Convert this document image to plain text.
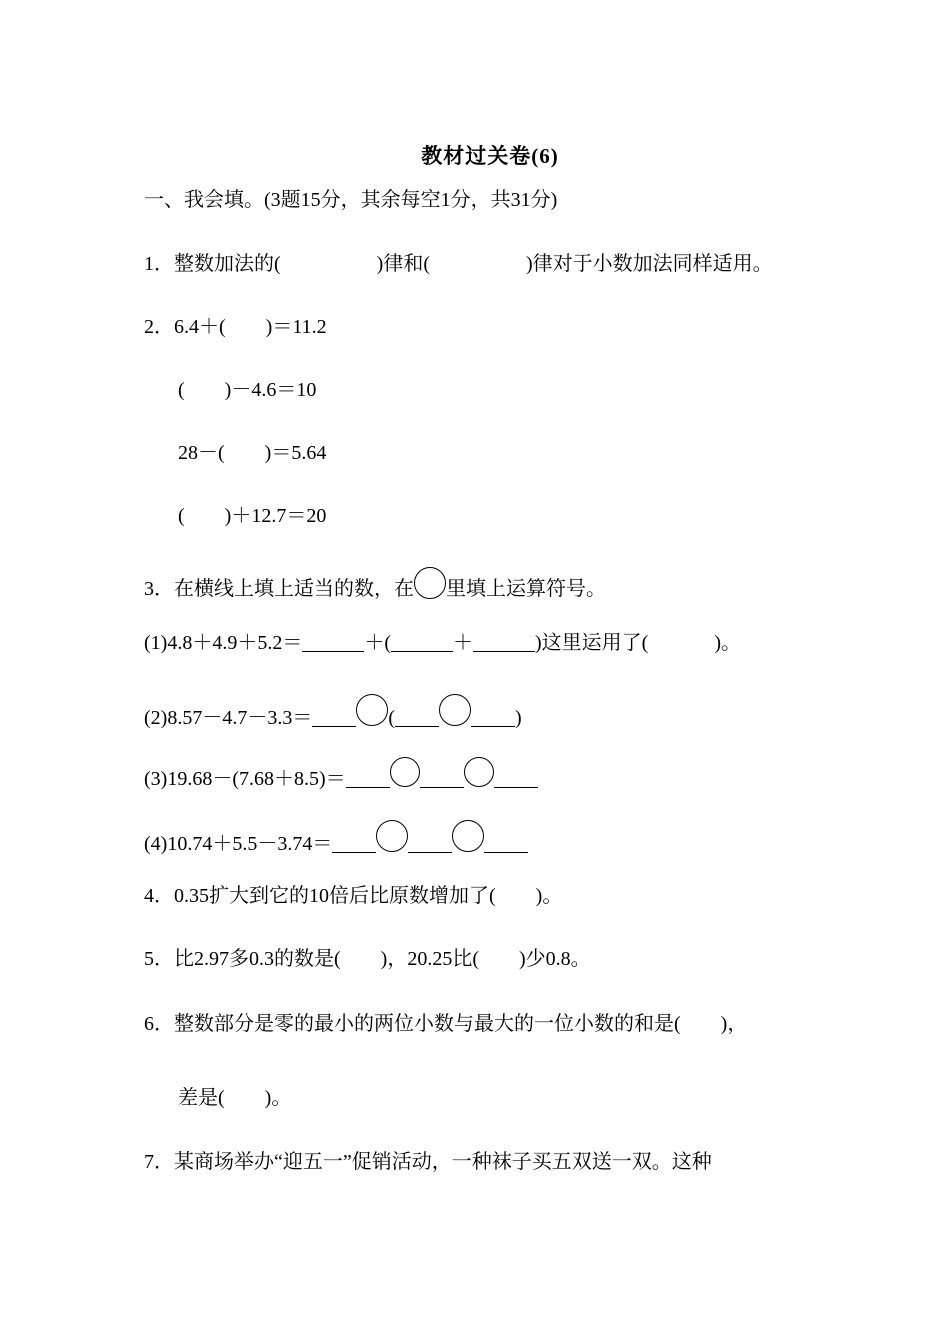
教材过关卷(6)
一、我会填。(3题15分，其余每空1分，共31分)
1．整数加法的(	)律和(	)律对于小数加法同样适用。
2．6.4＋(　　)＝11.2
(　　)－4.6＝10
28－(　　)＝5.64
(　　)＋12.7＝20
3．在横线上填上适当的数，在 里填上运算符号。
(1)4.8＋4.9＋5.2＝	＋(	＋	)这里运用了(	)。
(2)8.57－4.7－3.3＝	(	)
(3)19.68－(7.68＋8.5)＝
(4)10.74＋5.5－3.74＝
4．0.35扩大到它的10倍后比原数增加了(　　)。
5．比2.97多0.3的数是(　　)，20.25比(　　)少0.8。
6．整数部分是零的最小的两位小数与最大的一位小数的和是(　　)，
差是(　　)。
7．某商场举办“迎五一”促销活动，一种袜子买五双送一双。这种
